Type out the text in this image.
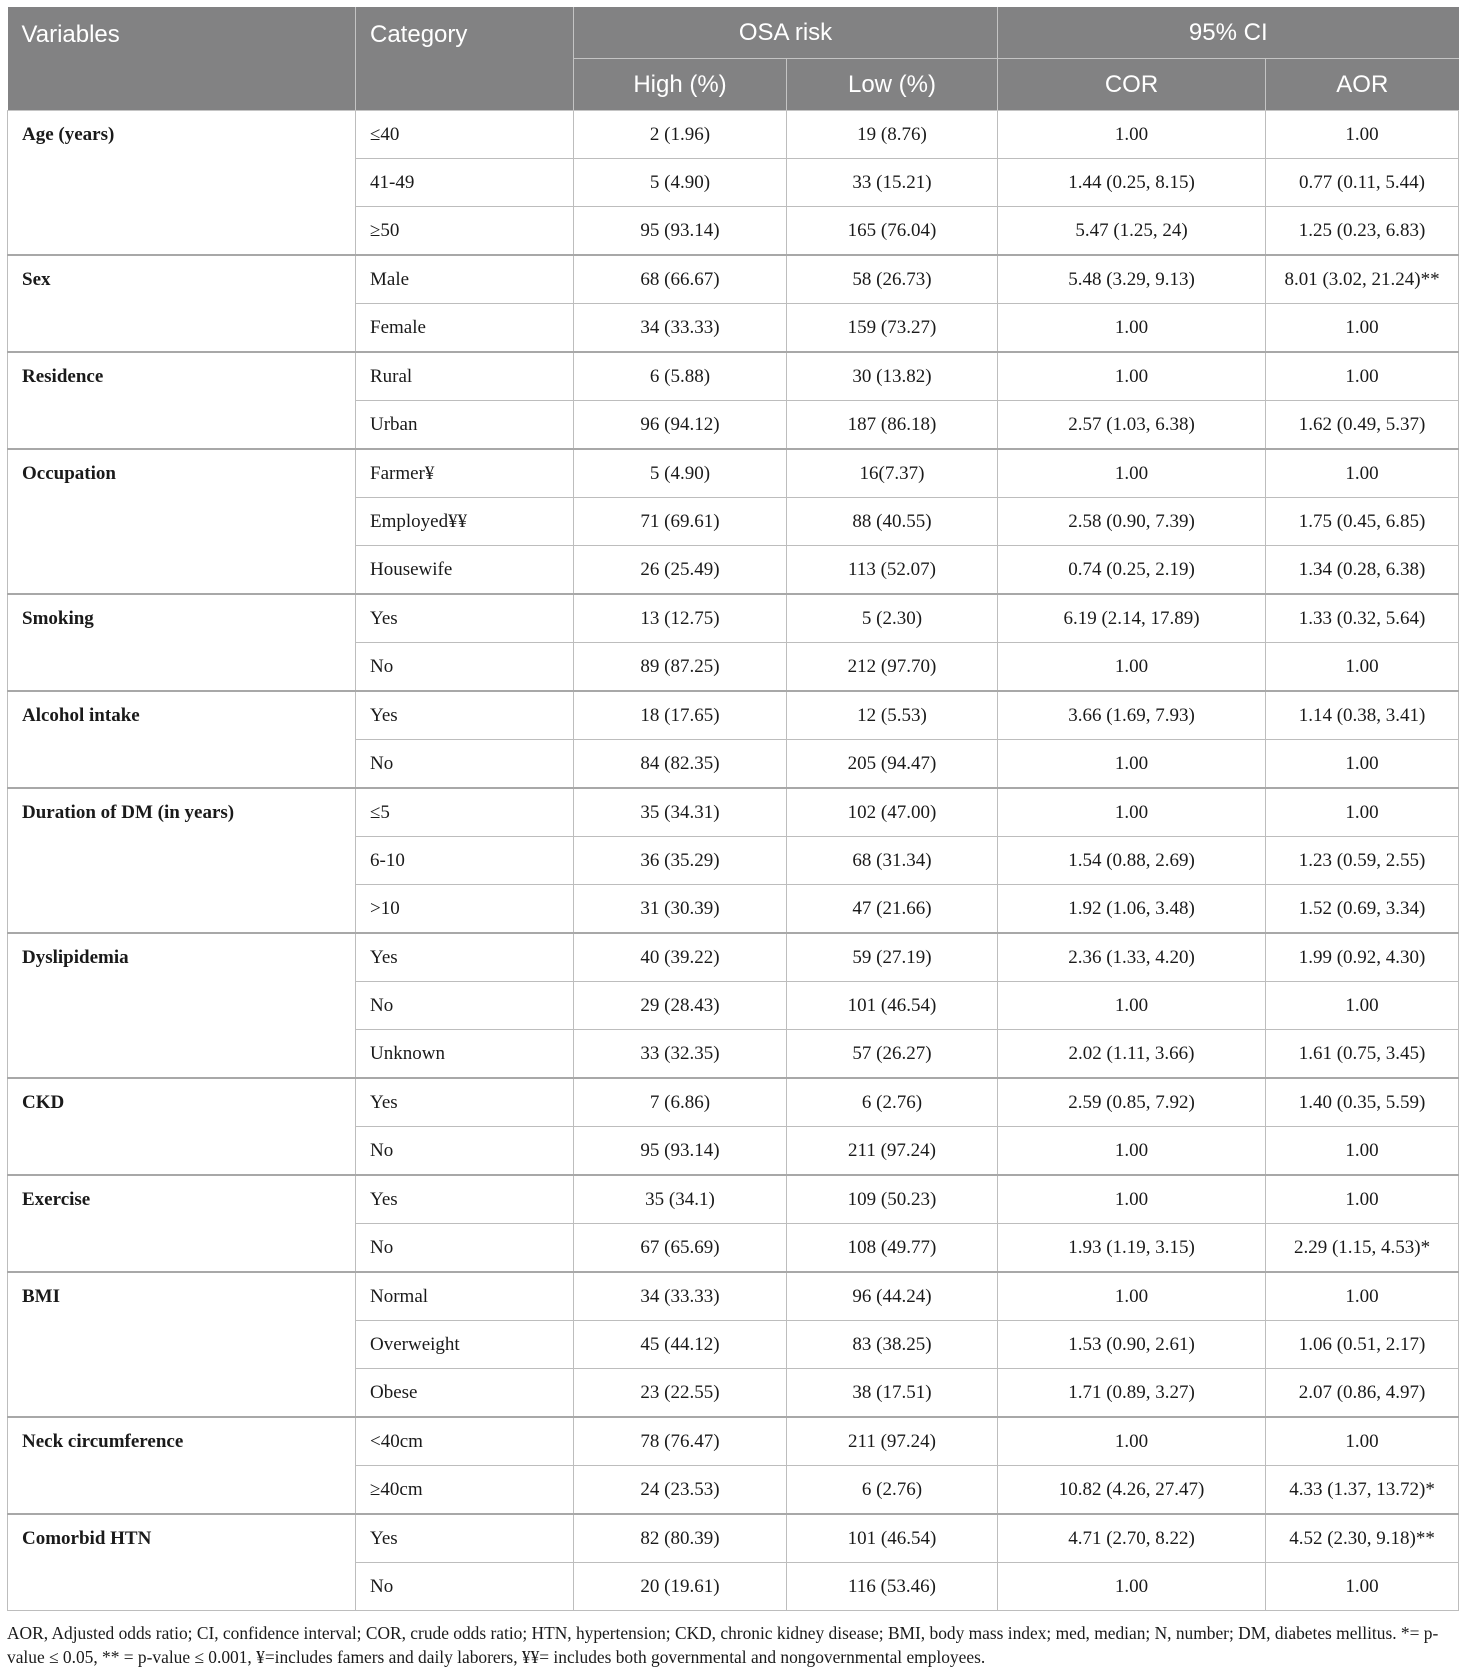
Variables	Category	OSA risk		95% CI	
		High (%)	Low (%)	COR	AOR
Age (years)	≤40	2 (1.96)	19 (8.76)	1.00	1.00
	41-49	5 (4.90)	33 (15.21)	1.44 (0.25, 8.15)	0.77 (0.11, 5.44)
	≥50	95 (93.14)	165 (76.04)	5.47 (1.25, 24)	1.25 (0.23, 6.83)
Sex	Male	68 (66.67)	58 (26.73)	5.48 (3.29, 9.13)	8.01 (3.02, 21.24)**
	Female	34 (33.33)	159 (73.27)	1.00	1.00
Residence	Rural	6 (5.88)	30 (13.82)	1.00	1.00
	Urban	96 (94.12)	187 (86.18)	2.57 (1.03, 6.38)	1.62 (0.49, 5.37)
Occupation	Farmer¥	5 (4.90)	16(7.37)	1.00	1.00
	Employed¥¥	71 (69.61)	88 (40.55)	2.58 (0.90, 7.39)	1.75 (0.45, 6.85)
	Housewife	26 (25.49)	113 (52.07)	0.74 (0.25, 2.19)	1.34 (0.28, 6.38)
Smoking	Yes	13 (12.75)	5 (2.30)	6.19 (2.14, 17.89)	1.33 (0.32, 5.64)
	No	89 (87.25)	212 (97.70)	1.00	1.00
Alcohol intake	Yes	18 (17.65)	12 (5.53)	3.66 (1.69, 7.93)	1.14 (0.38, 3.41)
	No	84 (82.35)	205 (94.47)	1.00	1.00
Duration of DM (in years)	≤5	35 (34.31)	102 (47.00)	1.00	1.00
	6-10	36 (35.29)	68 (31.34)	1.54 (0.88, 2.69)	1.23 (0.59, 2.55)
	>10	31 (30.39)	47 (21.66)	1.92 (1.06, 3.48)	1.52 (0.69, 3.34)
Dyslipidemia	Yes	40 (39.22)	59 (27.19)	2.36 (1.33, 4.20)	1.99 (0.92, 4.30)
	No	29 (28.43)	101 (46.54)	1.00	1.00
	Unknown	33 (32.35)	57 (26.27)	2.02 (1.11, 3.66)	1.61 (0.75, 3.45)
CKD	Yes	7 (6.86)	6 (2.76)	2.59 (0.85, 7.92)	1.40 (0.35, 5.59)
	No	95 (93.14)	211 (97.24)	1.00	1.00
Exercise	Yes	35 (34.1)	109 (50.23)	1.00	1.00
	No	67 (65.69)	108 (49.77)	1.93 (1.19, 3.15)	2.29 (1.15, 4.53)*
BMI	Normal	34 (33.33)	96 (44.24)	1.00	1.00
	Overweight	45 (44.12)	83 (38.25)	1.53 (0.90, 2.61)	1.06 (0.51, 2.17)
	Obese	23 (22.55)	38 (17.51)	1.71 (0.89, 3.27)	2.07 (0.86, 4.97)
Neck circumference	<40cm	78 (76.47)	211 (97.24)	1.00	1.00
	≥40cm	24 (23.53)	6 (2.76)	10.82 (4.26, 27.47)	4.33 (1.37, 13.72)*
Comorbid HTN	Yes	82 (80.39)	101 (46.54)	4.71 (2.70, 8.22)	4.52 (2.30, 9.18)**
	No	20 (19.61)	116 (53.46)	1.00	1.00
AOR, Adjusted odds ratio; CI, confidence interval; COR, crude odds ratio; HTN, hypertension; CKD, chronic kidney disease; BMI, body mass index; med, median; N, number; DM, diabetes mellitus. *= p- value ≤ 0.05, ** = p-value ≤ 0.001, ¥=includes famers and daily laborers, ¥¥= includes both governmental and nongovernmental employees.
